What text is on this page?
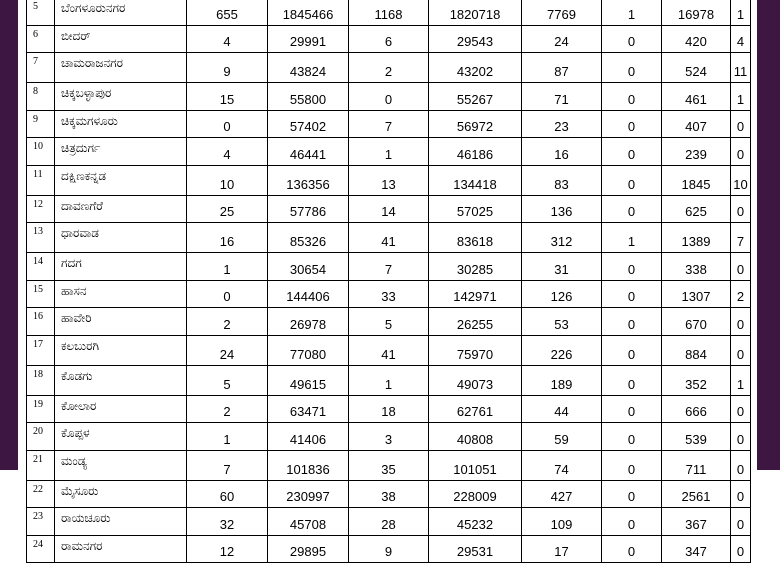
5	ಬೆಂಗಳೂರುನಗರ	655	1845466	1168	1820718	7769	1	16978	1
6	ಬೀದರ್	4	29991	6	29543	24	0	420	4
7	ಚಾಮರಾಜನಗರ	9	43824	2	43202	87	0	524	11
8	ಚಿಕ್ಕಬಳ್ಳಾಪುರ	15	55800	0	55267	71	0	461	1
9	ಚಿಕ್ಕಮಗಳೂರು	0	57402	7	56972	23	0	407	0
10	ಚಿತ್ರದುರ್ಗ	4	46441	1	46186	16	0	239	0
11	ದಕ್ಷಿಣಕನ್ನಡ	10	136356	13	134418	83	0	1845	10
12	ದಾವಣಗೆರೆ	25	57786	14	57025	136	0	625	0
13	ಧಾರವಾಡ	16	85326	41	83618	312	1	1389	7
14	ಗದಗ	1	30654	7	30285	31	0	338	0
15	ಹಾಸನ	0	144406	33	142971	126	0	1307	2
16	ಹಾವೇರಿ	2	26978	5	26255	53	0	670	0
17	ಕಲಬುರಗಿ	24	77080	41	75970	226	0	884	0
18	ಕೊಡಗು	5	49615	1	49073	189	0	352	1
19	ಕೋಲಾರ	2	63471	18	62761	44	0	666	0
20	ಕೊಪ್ಪಳ	1	41406	3	40808	59	0	539	0
21	ಮಂಡ್ಯ	7	101836	35	101051	74	0	711	0
22	ಮೈಸೂರು	60	230997	38	228009	427	0	2561	0
23	ರಾಯಚೂರು	32	45708	28	45232	109	0	367	0
24	ರಾಮನಗರ	12	29895	9	29531	17	0	347	0
